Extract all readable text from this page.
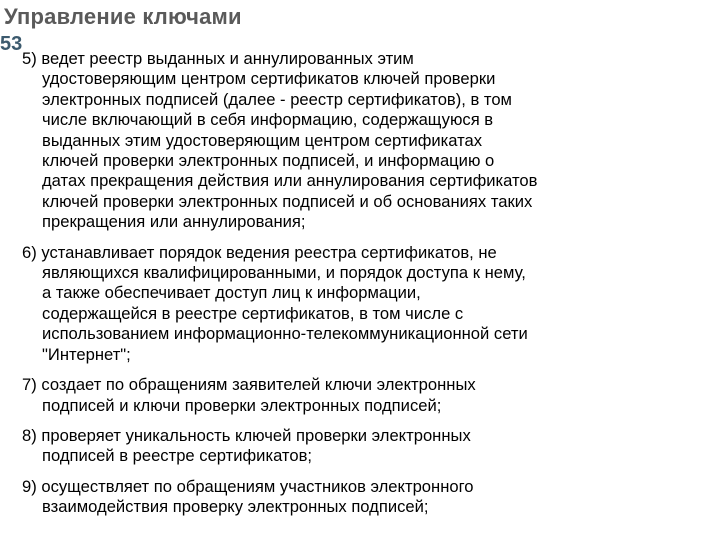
Управление ключами
53
5) ведет реестр выданных и аннулированных этим
удостоверяющим центром сертификатов ключей проверки
электронных подписей (далее - реестр сертификатов), в том
числе включающий в себя информацию, содержащуюся в
выданных этим удостоверяющим центром сертификатах
ключей проверки электронных подписей, и информацию о
датах прекращения действия или аннулирования сертификатов
ключей проверки электронных подписей и об основаниях таких
прекращения или аннулирования;
6) устанавливает порядок ведения реестра сертификатов, не
являющихся квалифицированными, и порядок доступа к нему,
а также обеспечивает доступ лиц к информации,
содержащейся в реестре сертификатов, в том числе с
использованием информационно-телекоммуникационной сети
"Интернет";
7) создает по обращениям заявителей ключи электронных
подписей и ключи проверки электронных подписей;
8) проверяет уникальность ключей проверки электронных
подписей в реестре сертификатов;
9) осуществляет по обращениям участников электронного
взаимодействия проверку электронных подписей;
